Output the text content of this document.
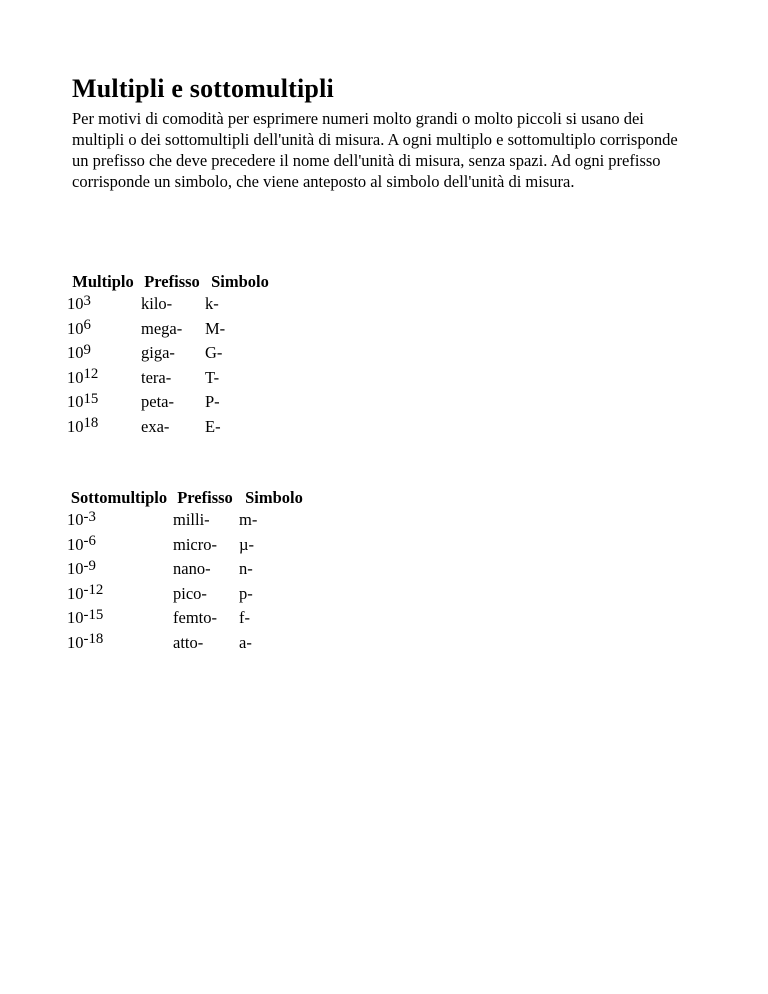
Multipli e sottomultipli

Per motivi di comodità per esprimere numeri molto grandi o molto piccoli si usano dei multipli o dei sottomultipli dell'unità di misura. A ogni multiplo e sottomultiplo corrisponde un prefisso che deve precedere il nome dell'unità di misura, senza spazi. Ad ogni prefisso corrisponde un simbolo, che viene anteposto al simbolo dell'unità di misura.

Multiplo	Prefisso	Simbolo
103	kilo-	k-
106	mega-	M-
109	giga-	G-
1012	tera-	T-
1015	peta-	P-
1018	exa-	E-
Sottomultiplo	Prefisso	Simbolo
10-3	milli-	m-
10-6	micro-	µ-
10-9	nano-	n-
10-12	pico-	p-
10-15	femto-	f-
10-18	atto-	a-
